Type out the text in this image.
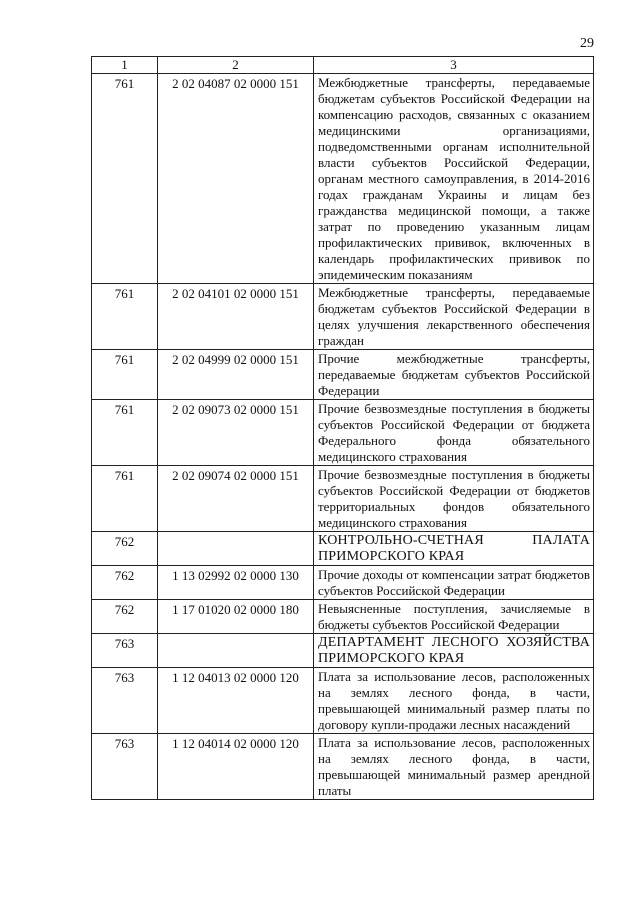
29
1	2	3
761	2 02 04087 02 0000 151	Межбюджетные трансферты, передаваемые бюджетам субъектов Российской Федерации на компенсацию расходов, связанных с оказанием медицинскими организациями, подведомственными органам исполнительной власти субъектов Российской Федерации, органам местного самоуправления, в 2014-2016 годах гражданам Украины и лицам без гражданства медицинской помощи, а также затрат по проведению указанным лицам профилактических прививок, включенных в календарь профилактических прививок по эпидемическим показаниям
761	2 02 04101 02 0000 151	Межбюджетные трансферты, передаваемые бюджетам субъектов Российской Федерации в целях улучшения лекарственного обеспечения граждан
761	2 02 04999 02 0000 151	Прочие межбюджетные трансферты, передаваемые бюджетам субъектов Российской Федерации
761	2 02 09073 02 0000 151	Прочие безвозмездные поступления в бюджеты субъектов Российской Федерации от бюджета Федерального фонда обязательного медицинского страхования
761	2 02 09074 02 0000 151	Прочие безвозмездные поступления в бюджеты субъектов Российской Федерации от бюджетов территориальных фондов обязательного медицинского страхования
762		КОНТРОЛЬНО-СЧЕТНАЯ ПАЛАТА ПРИМОРСКОГО КРАЯ
762	1 13 02992 02 0000 130	Прочие доходы от компенсации затрат бюджетов субъектов Российской Федерации
762	1 17 01020 02 0000 180	Невыясненные поступления, зачисляемые в бюджеты субъектов Российской Федерации
763		ДЕПАРТАМЕНТ ЛЕСНОГО ХОЗЯЙСТВА ПРИМОРСКОГО КРАЯ
763	1 12 04013 02 0000 120	Плата за использование лесов, расположенных на землях лесного фонда, в части, превышающей минимальный размер платы по договору купли-продажи лесных насаждений
763	1 12 04014 02 0000 120	Плата за использование лесов, расположенных на землях лесного фонда, в части, превышающей минимальный размер арендной платы
